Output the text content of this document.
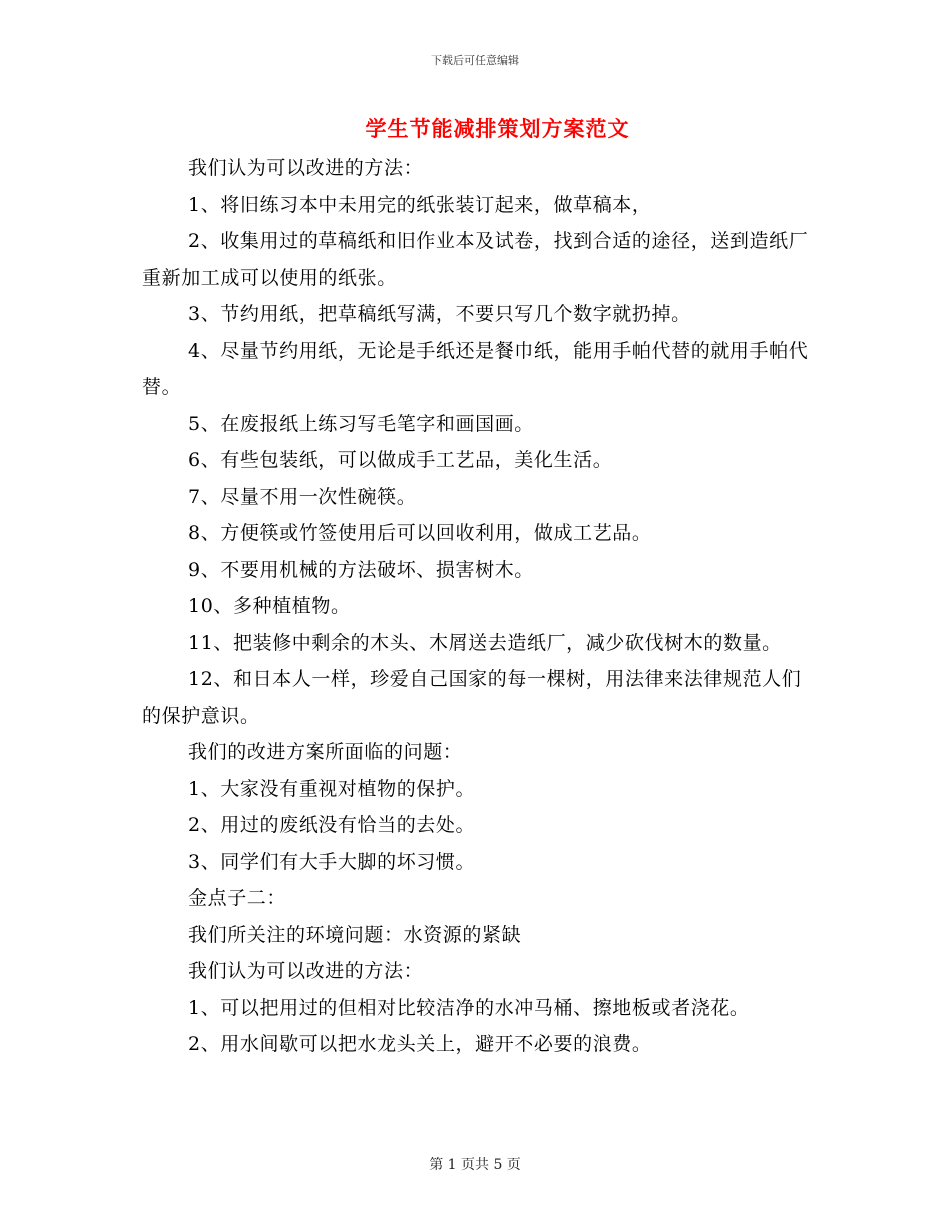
下载后可任意编辑
学生节能减排策划方案范文

我们认为可以改进的方法：

1、将旧练习本中未用完的纸张装订起来，做草稿本，

2、收集用过的草稿纸和旧作业本及试卷，找到合适的途径，送到造纸厂重新加工成可以使用的纸张。

3、节约用纸，把草稿纸写满，不要只写几个数字就扔掉。

4、尽量节约用纸，无论是手纸还是餐巾纸，能用手帕代替的就用手帕代替。

5、在废报纸上练习写毛笔字和画国画。

6、有些包装纸，可以做成手工艺品，美化生活。

7、尽量不用一次性碗筷。

8、方便筷或竹签使用后可以回收利用，做成工艺品。

9、不要用机械的方法破坏、损害树木。

10、多种植植物。

11、把装修中剩余的木头、木屑送去造纸厂，减少砍伐树木的数量。

12、和日本人一样，珍爱自己国家的每一棵树，用法律来法律规范人们的保护意识。

我们的改进方案所面临的问题：

1、大家没有重视对植物的保护。

2、用过的废纸没有恰当的去处。

3、同学们有大手大脚的坏习惯。

金点子二：

我们所关注的环境问题：水资源的紧缺

我们认为可以改进的方法：

1、可以把用过的但相对比较洁净的水冲马桶、擦地板或者浇花。

2、用水间歇可以把水龙头关上，避开不必要的浪费。

第 1 页共 5 页
